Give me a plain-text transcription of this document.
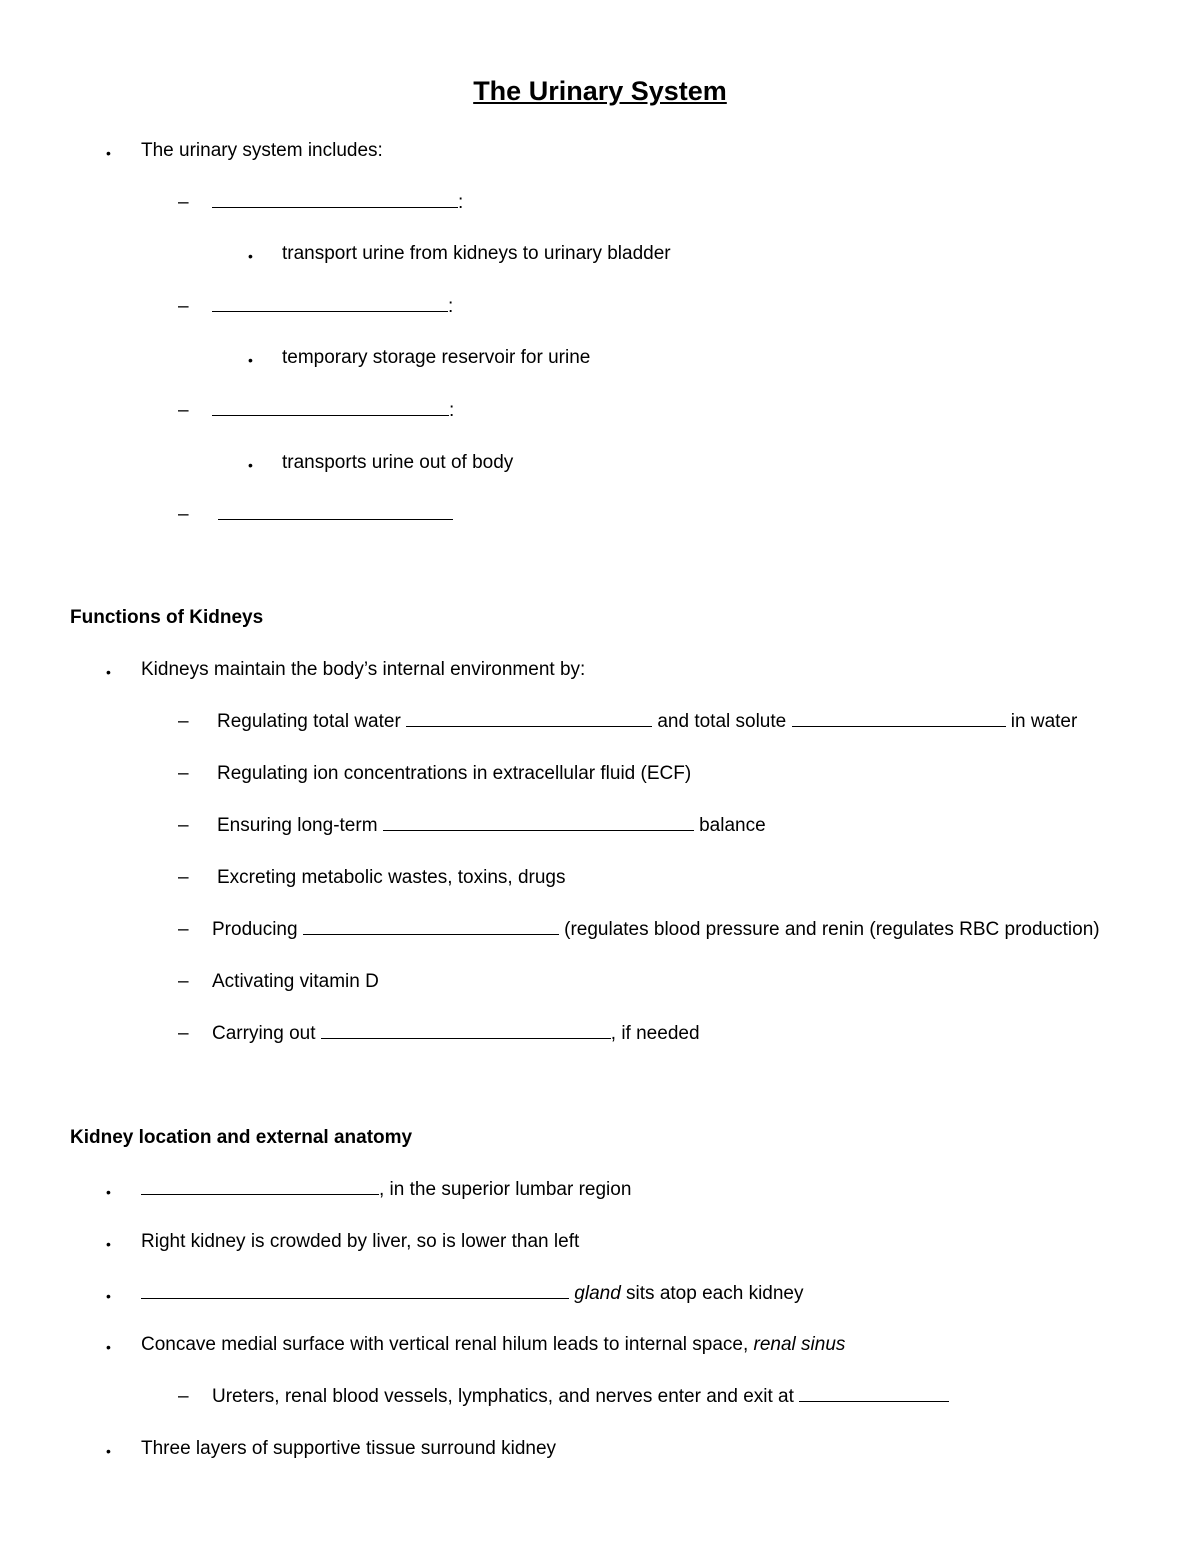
The Urinary System
• The urinary system includes:
–	:
• transport urine from kidneys to urinary bladder
–	:
• temporary storage reservoir for urine
–	:
• transports urine out of body
–
Functions of Kidneys
• Kidneys maintain the body’s internal environment by:
– Regulating total water	and total solute	in water
– Regulating ion concentrations in extracellular fluid (ECF)
– Ensuring long-term	balance
– Excreting metabolic wastes, toxins, drugs
– Producing	(regulates blood pressure and renin (regulates RBC production)
– Activating vitamin D
– Carrying out	, if needed
Kidney location and external anatomy
•	, in the superior lumbar region
• Right kidney is crowded by liver, so is lower than left
•	gland sits atop each kidney
• Concave medial surface with vertical renal hilum leads to internal space, renal sinus
– Ureters, renal blood vessels, lymphatics, and nerves enter and exit at
• Three layers of supportive tissue surround kidney
